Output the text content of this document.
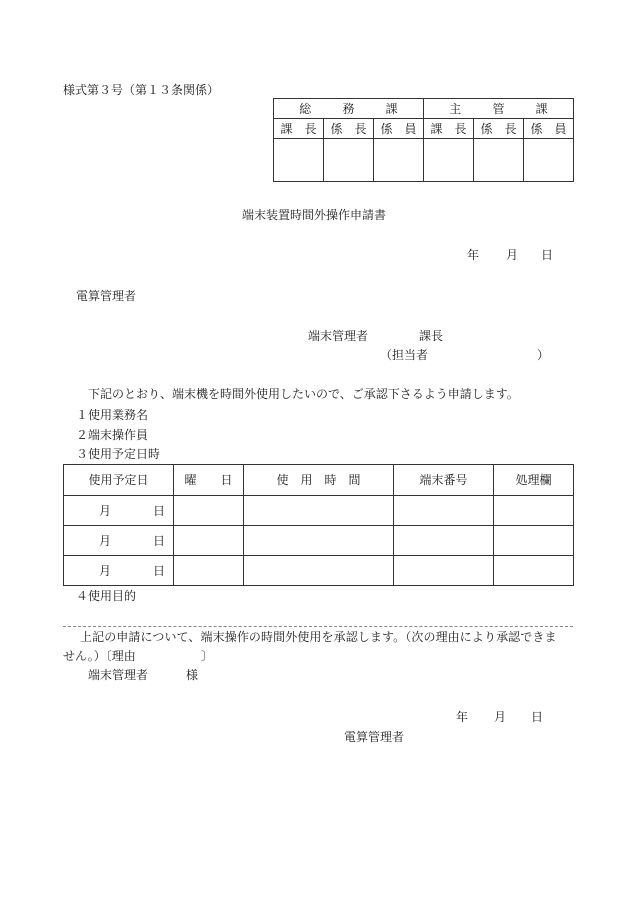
様式第３号（第１３条関係）
総　務　課			主　管　課		
課　長	係　長	係　員	課　長	係　長	係　員

端末装置時間外操作申請書
年 月 日
電算管理者
端末管理者	課長
（担当者	）
下記のとおり、端末機を時間外使用したいので、ご承認下さるよう申請します。
１使用業務名
２端末操作員
３使用予定日時
使用予定日	曜　日	使　用　時　間	端末番号	処理欄

月 日				

月 日				

月 日				

４使用目的
上記の申請について、端末操作の時間外使用を承認します。（次の理由により承認できま
せん。）〔理由	〕
端末管理者	様
年 月 日
電算管理者
